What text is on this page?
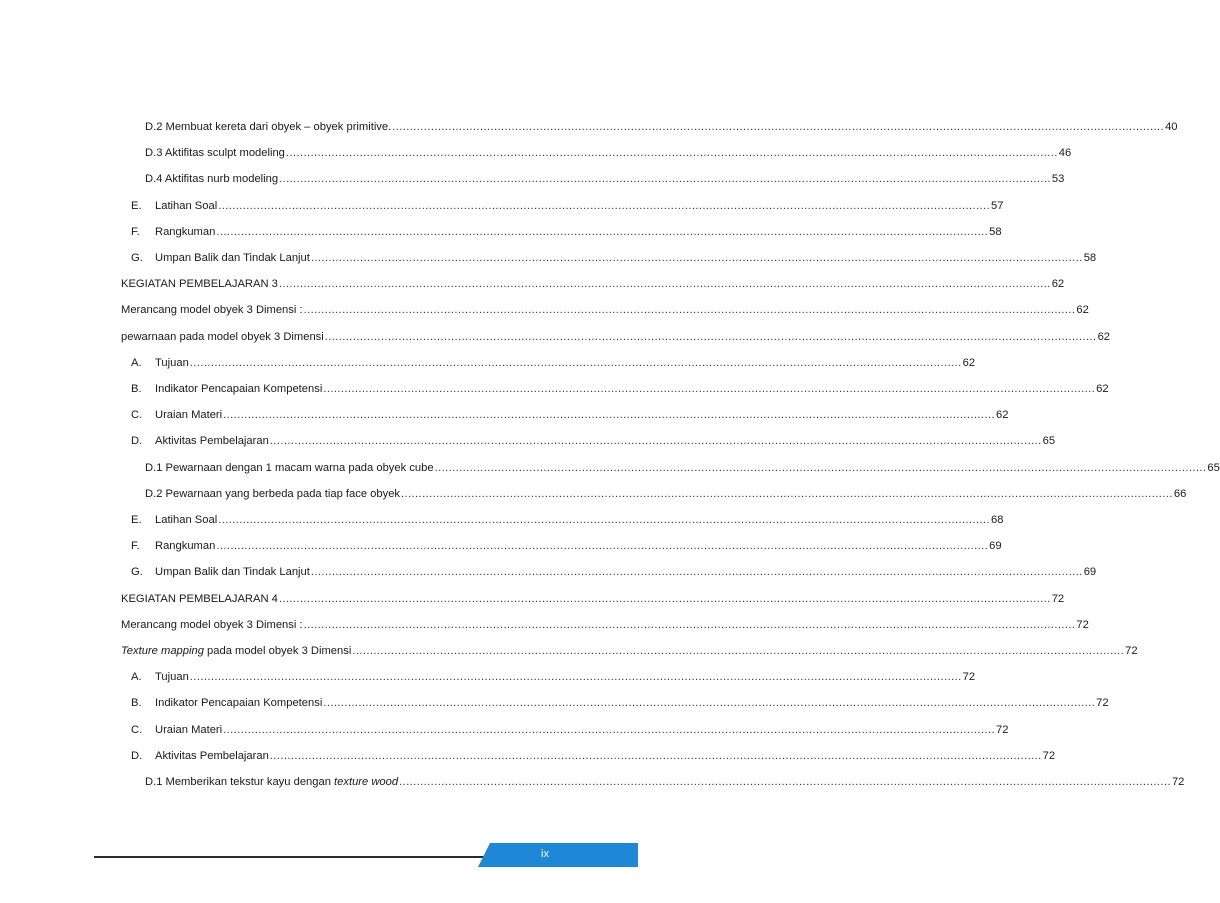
D.2 Membuat kereta dari obyek – obyek primitive. ............................................................................................................................................................................................................................ 40
D.3 Aktifitas sculpt modeling ............................................................................................................................................................................................................................ 46
D.4 Aktifitas nurb modeling ............................................................................................................................................................................................................................ 53
E.	Latihan Soal ............................................................................................................................................................................................................................ 57
F.	Rangkuman ............................................................................................................................................................................................................................ 58
G.	Umpan Balik dan Tindak Lanjut ............................................................................................................................................................................................................................ 58
KEGIATAN PEMBELAJARAN 3 ............................................................................................................................................................................................................................ 62
Merancang model obyek 3 Dimensi : ............................................................................................................................................................................................................................ 62
pewarnaan pada model obyek 3 Dimensi ............................................................................................................................................................................................................................ 62
A.	Tujuan ............................................................................................................................................................................................................................ 62
B.	Indikator Pencapaian Kompetensi ............................................................................................................................................................................................................................ 62
C.	Uraian Materi ............................................................................................................................................................................................................................ 62
D.	Aktivitas Pembelajaran ............................................................................................................................................................................................................................ 65
D.1 Pewarnaan dengan 1 macam warna pada obyek cube ............................................................................................................................................................................................................................ 65
D.2 Pewarnaan yang berbeda pada tiap face obyek ............................................................................................................................................................................................................................ 66
E.	Latihan Soal ............................................................................................................................................................................................................................ 68
F.	Rangkuman ............................................................................................................................................................................................................................ 69
G.	Umpan Balik dan Tindak Lanjut ............................................................................................................................................................................................................................ 69
KEGIATAN PEMBELAJARAN 4 ............................................................................................................................................................................................................................ 72
Merancang model obyek 3 Dimensi : ............................................................................................................................................................................................................................ 72
Texture mapping pada model obyek 3 Dimensi ............................................................................................................................................................................................................................ 72
A.	Tujuan ............................................................................................................................................................................................................................ 72
B.	Indikator Pencapaian Kompetensi ............................................................................................................................................................................................................................ 72
C.	Uraian Materi ............................................................................................................................................................................................................................ 72
D.	Aktivitas Pembelajaran ............................................................................................................................................................................................................................ 72
D.1 Memberikan tekstur kayu dengan texture wood ............................................................................................................................................................................................................................ 72
ix
